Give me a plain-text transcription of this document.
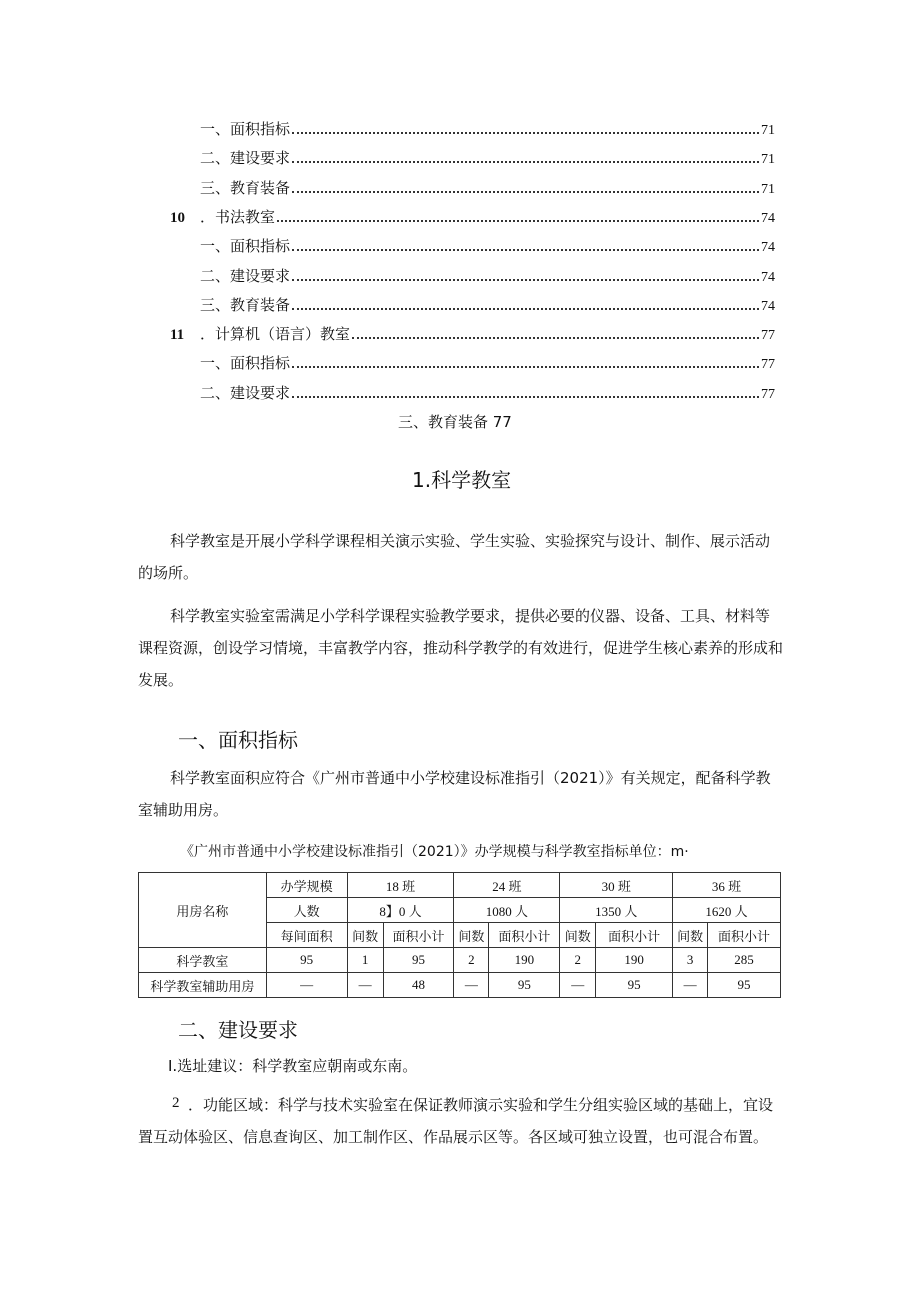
一、面积指标	71
二、建设要求	71
三、教育装备	71
10	．书法教室	74
一、面积指标	74
二、建设要求	74
三、教育装备	74
11	．计算机（语言）教室	77
一、面积指标	77
二、建设要求	77
三、教育装备 77
1.科学教室

科学教室是开展小学科学课程相关演示实验、学生实验、实验探究与设计、制作、展示活动的场所。

科学教室实验室需满足小学科学课程实验教学要求，提供必要的仪器、设备、工具、材料等课程资源，创设学习情境，丰富教学内容，推动科学教学的有效进行，促进学生核心素养的形成和发展。

一、面积指标

科学教室面积应符合《广州市普通中小学校建设标准指引（2021）》有关规定，配备科学教室辅助用房。

《广州市普通中小学校建设标准指引（2021）》办学规模与科学教室指标单位：m·
用房名称	办学规模	18 班		24 班		30 班		36 班	
	人数	8】0 人		1080 人		1350 人		1620 人	
	每间面积	间数	面积小计	间数	面积小计	间数	面积小计	间数	面积小计
科学教室	95	1	95	2	190	2	190	3	285
科学教室辅助用房	—	—	48	—	95	—	95	—	95
二、建设要求
I.选址建议：科学教室应朝南或东南。
2 ．功能区域：科学与技术实验室在保证教师演示实验和学生分组实验区域的基础上，宜设置互动体验区、信息查询区、加工制作区、作品展示区等。各区域可独立设置，也可混合布置。
